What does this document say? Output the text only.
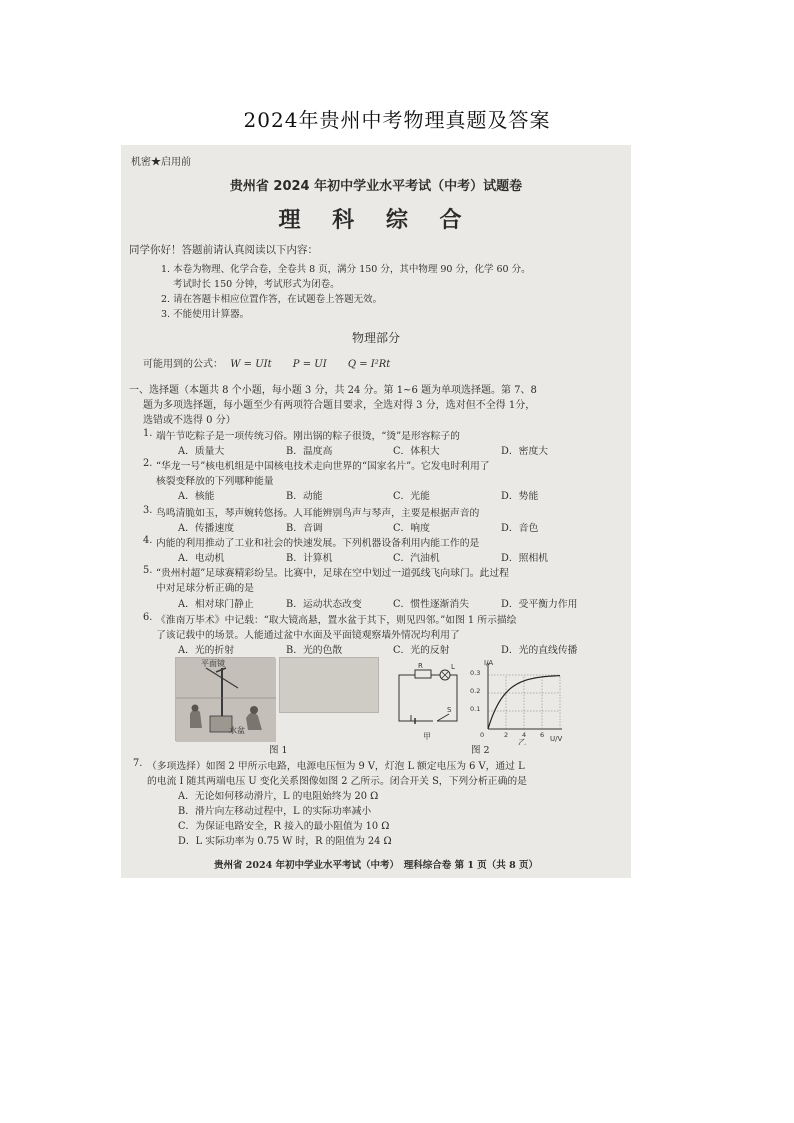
2024年贵州中考物理真题及答案
机密★启用前
贵州省 2024 年初中学业水平考试（中考）试题卷
理 科 综 合
同学你好！答题前请认真阅读以下内容：
1. 本卷为物理、化学合卷，全卷共 8 页，满分 150 分，其中物理 90 分，化学 60 分。
考试时长 150 分钟，考试形式为闭卷。
2. 请在答题卡相应位置作答，在试题卷上答题无效。
3. 不能使用计算器。
物理部分
可能用到的公式： W = UIt P = UI Q = I²Rt
一、选择题（本题共 8 个小题，每小题 3 分，共 24 分。第 1~6 题为单项选择题。第 7、8
题为多项选择题，每小题至少有两项符合题目要求，全选对得 3 分，选对但不全得 1分，
选错或不选得 0 分）
1. 端午节吃粽子是一项传统习俗。刚出锅的粽子很烫，“烫”是形容粽子的
A．质量大	B．温度高	C．体积大	D．密度大
2. “华龙一号”核电机组是中国核电技术走向世界的“国家名片”。它发电时利用了
核裂变释放的下列哪种能量
A．核能	B．动能	C．光能	D．势能
3. 鸟鸣清脆如玉，琴声婉转悠扬。人耳能辨别鸟声与琴声，主要是根据声音的
A．传播速度	B．音调	C．响度	D．音色
4. 内能的利用推动了工业和社会的快速发展。下列机器设备利用内能工作的是
A．电动机	B．计算机	C．汽油机	D．照相机
5. “贵州村超”足球赛精彩纷呈。比赛中，足球在空中划过一道弧线飞向球门。此过程
中对足球分析正确的是
A．相对球门静止	B．运动状态改变	C．惯性逐渐消失	D．受平衡力作用
6. 《淮南万毕术》中记载：“取大镜高悬，置水盆于其下，则见四邻。”如图 1 所示描绘
了该记载中的场景。人能通过盆中水面及平面镜观察墙外情况均利用了
A．光的折射	B．光的色散	C．光的反射	D．光的直线传播
平面镜
水盆
图 1
R	L
S
甲
I/A
U/V
0.3
0.2
0.1
0	2 4 6
乙
图 2
7. （多项选择）如图 2 甲所示电路，电源电压恒为 9 V，灯泡 L 额定电压为 6 V，通过 L
的电流 I 随其两端电压 U 变化关系图像如图 2 乙所示。闭合开关 S，下列分析正确的是
A．无论如何移动滑片，L 的电阻始终为 20 Ω
B．滑片向左移动过程中，L 的实际功率减小
C．为保证电路安全，R 接入的最小阻值为 10 Ω
D．L 实际功率为 0.75 W 时，R 的阻值为 24 Ω
贵州省 2024 年初中学业水平考试（中考）　理科综合卷 第 1 页（共 8 页）
